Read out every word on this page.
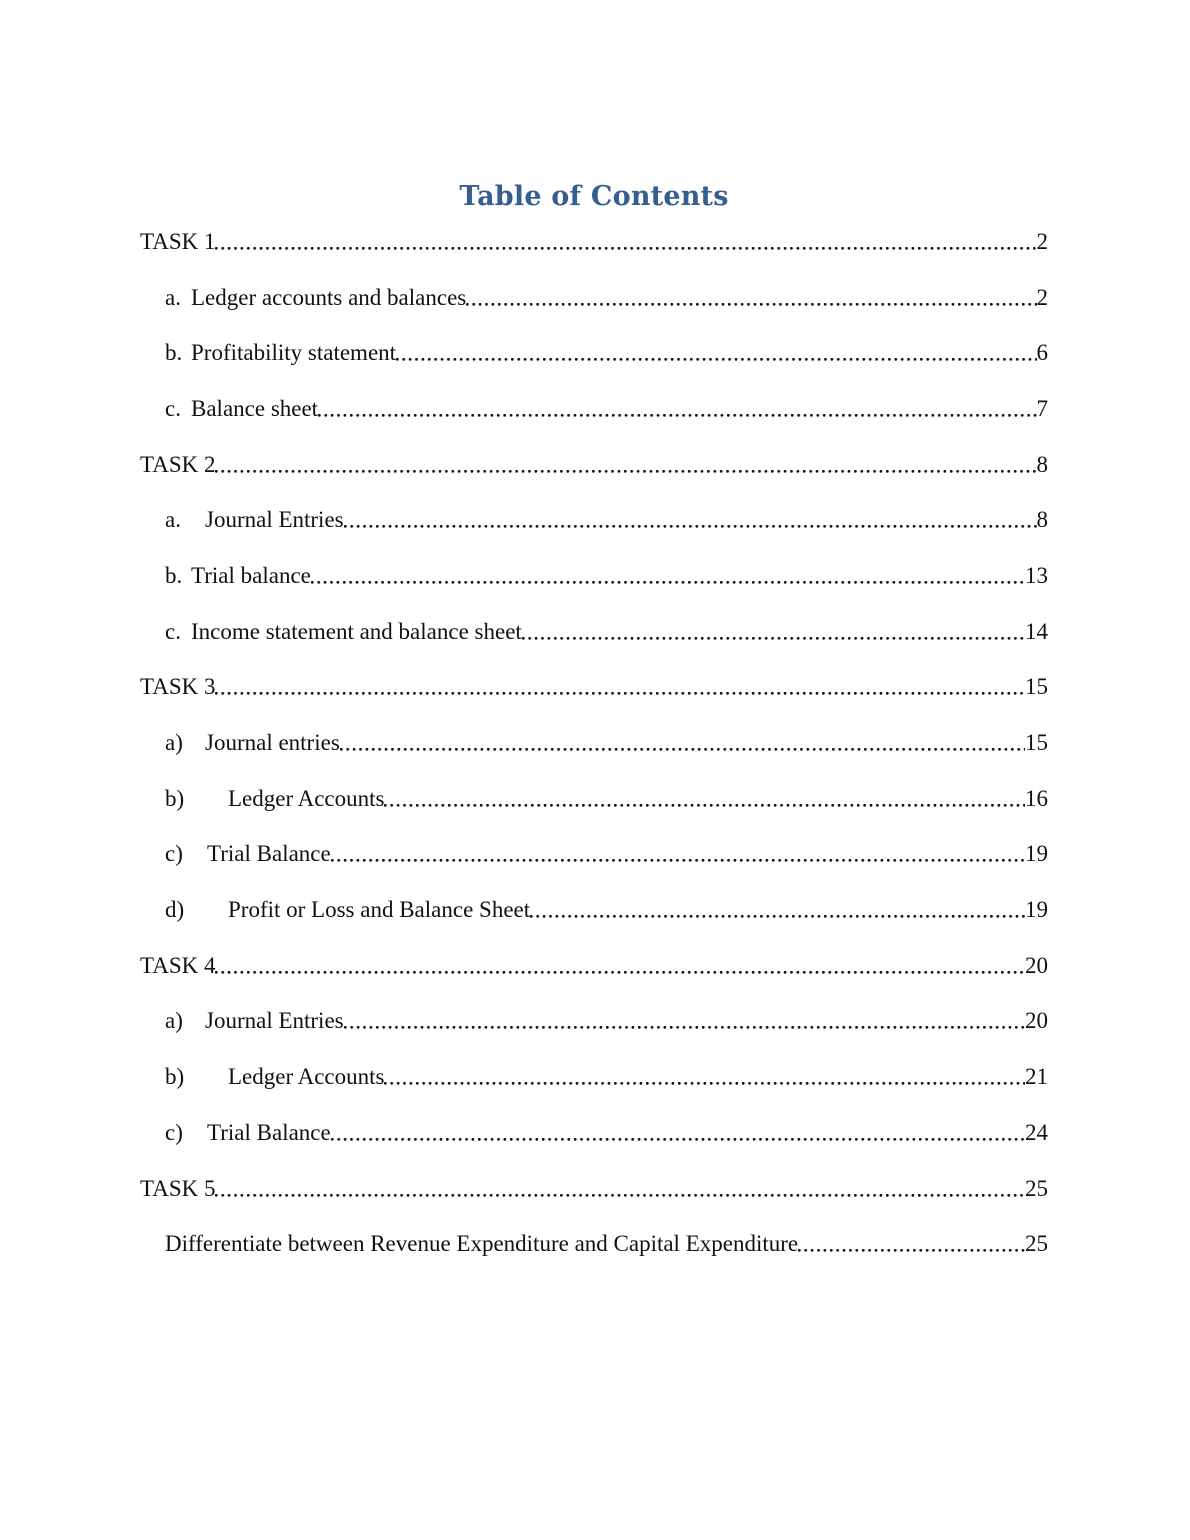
Table of Contents
TASK 1	2
a. Ledger accounts and balances	2
b. Profitability statement	6
c. Balance sheet	7
TASK 2	8
a.	Journal Entries	8
b. Trial balance	13
c. Income statement and balance sheet	14
TASK 3	15
a) Journal entries	15
b)	Ledger Accounts	16
c)	Trial Balance	19
d)	Profit or Loss and Balance Sheet	19
TASK 4	20
a) Journal Entries	20
b)	Ledger Accounts	21
c)	Trial Balance	24
TASK 5	25
Differentiate between Revenue Expenditure and Capital Expenditure	25
